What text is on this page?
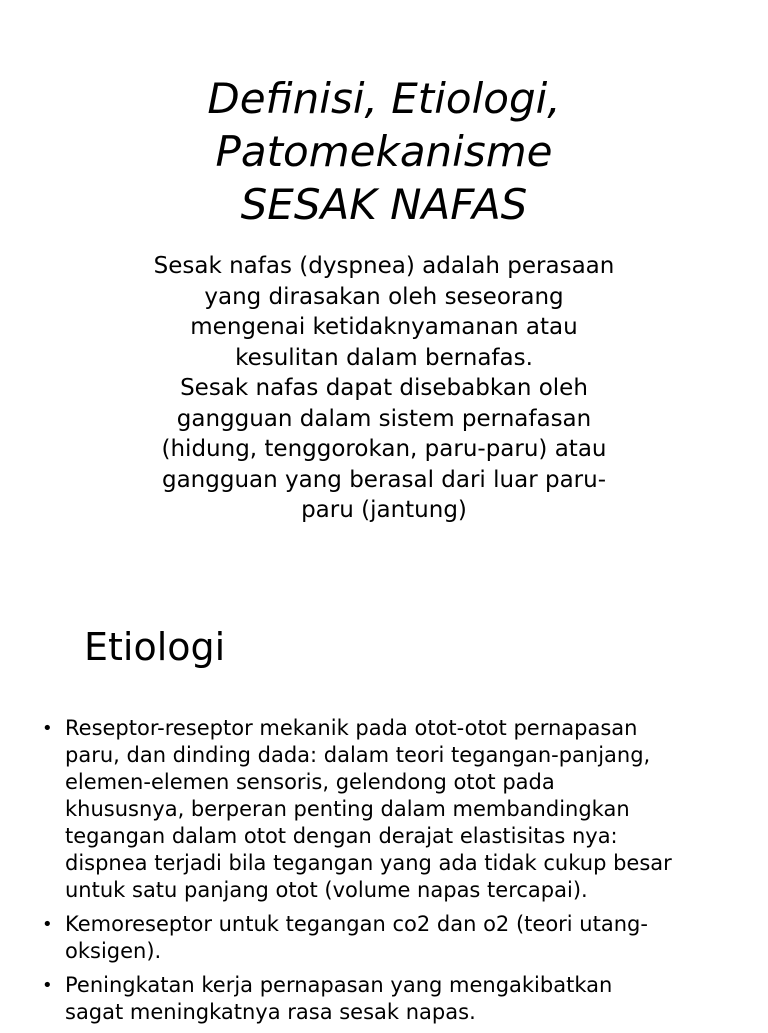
Definisi, Etiologi,
Patomekanisme
SESAK NAFAS
Sesak nafas (dyspnea) adalah perasaan
yang dirasakan oleh seseorang
mengenai ketidaknyamanan atau
kesulitan dalam bernafas.
Sesak nafas dapat disebabkan oleh
gangguan dalam sistem pernafasan
(hidung, tenggorokan, paru-paru) atau
gangguan yang berasal dari luar paru-
paru (jantung)
Etiologi
• Reseptor-reseptor mekanik pada otot-otot pernapasan
paru, dan dinding dada: dalam teori tegangan-panjang,
elemen-elemen sensoris, gelendong otot pada
khususnya, berperan penting dalam membandingkan
tegangan dalam otot dengan derajat elastisitas nya:
dispnea terjadi bila tegangan yang ada tidak cukup besar
untuk satu panjang otot (volume napas tercapai).
• Kemoreseptor untuk tegangan co2 dan o2 (teori utang-
oksigen).
• Peningkatan kerja pernapasan yang mengakibatkan
sagat meningkatnya rasa sesak napas.
